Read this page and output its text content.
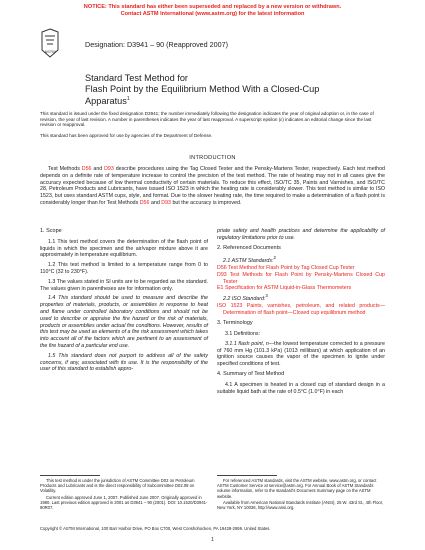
NOTICE: This standard has either been superseded and replaced by a new version or withdrawn.
Contact ASTM International (www.astm.org) for the latest information
ASTM
Designation: D3941 – 90 (Reapproved 2007)
Standard Test Method for
Flash Point by the Equilibrium Method With a Closed-Cup
Apparatus$^1$
This standard is issued under the fixed designation D3941; the number immediately following the designation indicates the year of original adoption or, in the case of revision, the year of last revision. A number in parentheses indicates the year of last reapproval. A superscript epsilon (ε) indicates an editorial change since the last revision or reapproval.
This standard has been approved for use by agencies of the Department of Defense.
INTRODUCTION
Test Methods D56 and D93 describe procedures using the Tag Closed Tester and the Pensky-Martens Tester, respectively. Each test method depends on a definite rate of temperature increase to control the precision of the test method. The rate of heating may not in all cases give the accuracy expected because of low thermal conductivity of certain materials. To reduce this effect, ISO/TC 35, Paints and Varnishes, and ISO/TC 28, Petroleum Products and Lubricants, have issued ISO 1523 in which the heating rate is considerably slower. This test method is similar to ISO 1523, but uses standard ASTM cups, style, and format. Due to the slower heating rate, the time required to make a determination of a flash point is considerably longer than for Test Methods D56 and D93 but the accuracy is improved.
1. Scope

1.1 This test method covers the determination of the flash point of liquids in which the specimen and the air/vapor mixture above it are approximately in temperature equilibrium.

1.2 This test method is limited to a temperature range from 0 to 110°C (32 to 230°F).

1.3 The values stated in SI units are to be regarded as the standard. The values given in parentheses are for information only.

1.4 This standard should be used to measure and describe the properties of materials, products, or assemblies in response to heat and flame under controlled laboratory conditions and should not be used to describe or appraise the fire hazard or fire risk of materials, products or assemblies under actual fire conditions. However, results of this test may be used as elements of a fire risk assessment which takes into account all of the factors which are pertinent to an assessment of the fire hazard of a particular end use.

1.5 This standard does not purport to address all of the safety concerns, if any, associated with its use. It is the responsibility of the user of this standard to establish appro-

priate safety and health practices and determine the applicability of regulatory limitations prior to use.

2. Referenced Documents
2.1 ASTM Standards:$^2$

D56 Test Method for Flash Point by Tag Closed Cup Tester

D93 Test Methods for Flash Point by Pensky-Martens Closed Cup Tester

E1 Specification for ASTM Liquid-in-Glass Thermometers

2.2 ISO Standard:$^3$

ISO 1523 Paints, varnishes, petroleum, and related products—Determination of flash point—Closed cup equilibrium method

3. Terminology

3.1 Definitions:

3.1.1 flash point, n—the lowest temperature corrected to a pressure of 760 mm Hg (101.3 kPa) (1013 millibars) at which application of an ignition source causes the vapor of the specimen to ignite under specified conditions of test.

4. Summary of Test Method

4.1 A specimen is heated in a closed cup of standard design in a suitable liquid bath at the rate of 0.5°C (1.0°F) in each

This test method is under the jurisdiction of ASTM Committee D02 on Petroleum Products and Lubricants and is the direct responsibility of Subcommittee D02.08 on Volatility.

Current edition approved June 1, 2007. Published June 2007. Originally approved in 1980. Last previous edition approved in 2001 as D3941 – 90 (2001). DOI: 10.1520/D3941-90R07.

For referenced ASTM standards, visit the ASTM website, www.astm.org, or contact ASTM Customer Service at service@astm.org. For Annual Book of ASTM Standards volume information, refer to the standard's Document Summary page on the ASTM website.

Available from American National Standards Institute (ANSI), 25 W. 43rd St., 4th Floor, New York, NY 10036, http://www.ansi.org.

Copyright © ASTM International, 100 Barr Harbor Drive, PO Box C700, West Conshohocken, PA 19428-2959. United States.
1
